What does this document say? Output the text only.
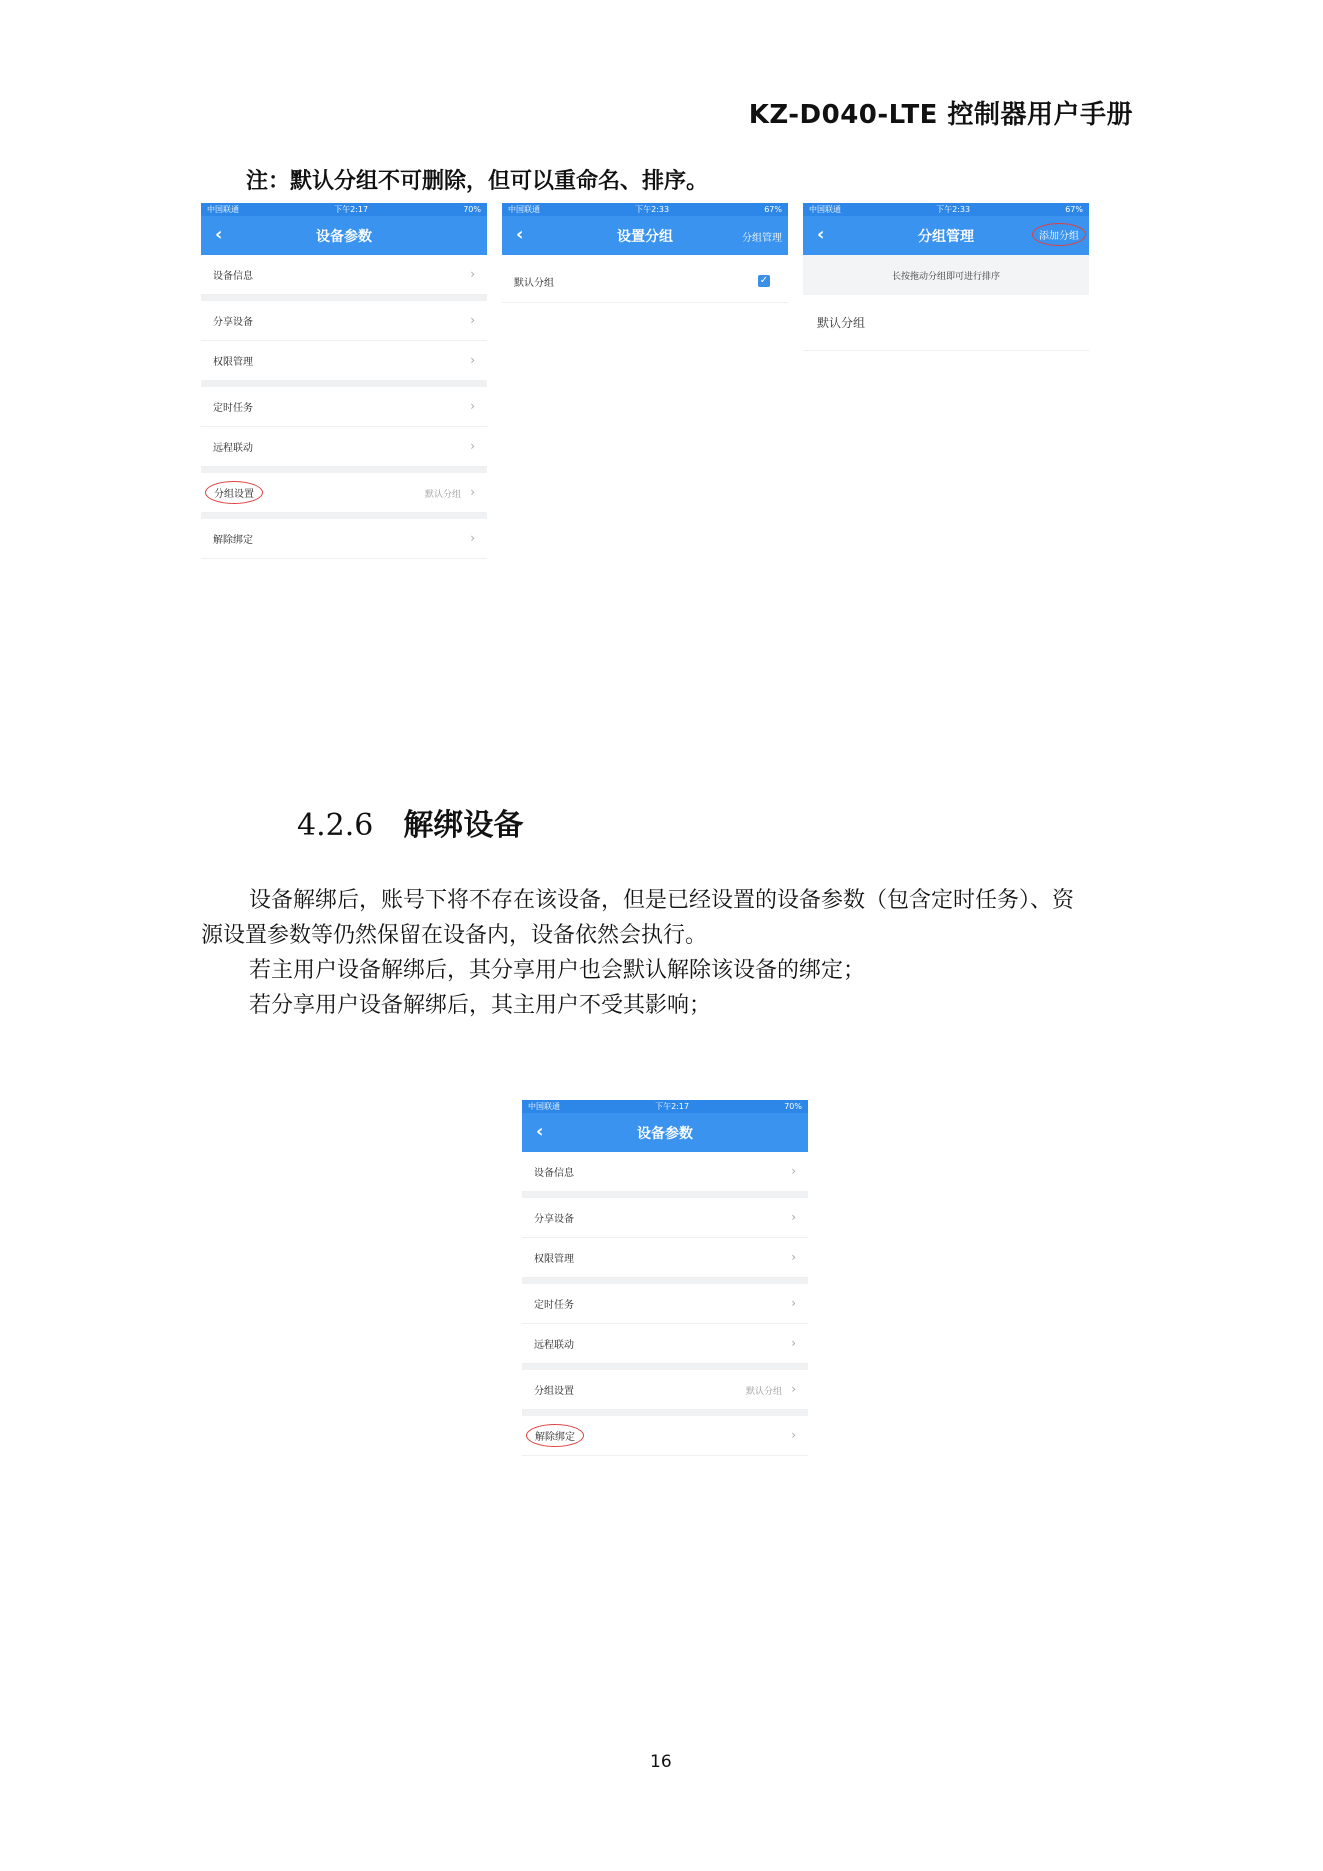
KZ-D040-LTE 控制器用户手册
注：默认分组不可删除，但可以重命名、排序。
中国联通	下午2:17	70%
‹	设备参数
设备信息	›
分享设备	›
权限管理	›
定时任务	›
远程联动	›
分组设置	默认分组 ›
解除绑定	›
中国联通	下午2:33	67%
‹	设置分组	分组管理
默认分组	✓
中国联通	下午2:33	67%
‹	分组管理	添加分组
长按拖动分组即可进行排序
默认分组
4.2.6 解绑设备
设备解绑后，账号下将不存在该设备，但是已经设置的设备参数（包含定时任务）、资
源设置参数等仍然保留在设备内，设备依然会执行。
若主用户设备解绑后，其分享用户也会默认解除该设备的绑定；
若分享用户设备解绑后，其主用户不受其影响；
中国联通	下午2:17	70%
‹	设备参数
设备信息	›
分享设备	›
权限管理	›
定时任务	›
远程联动	›
分组设置	默认分组 ›
解除绑定	›
16
